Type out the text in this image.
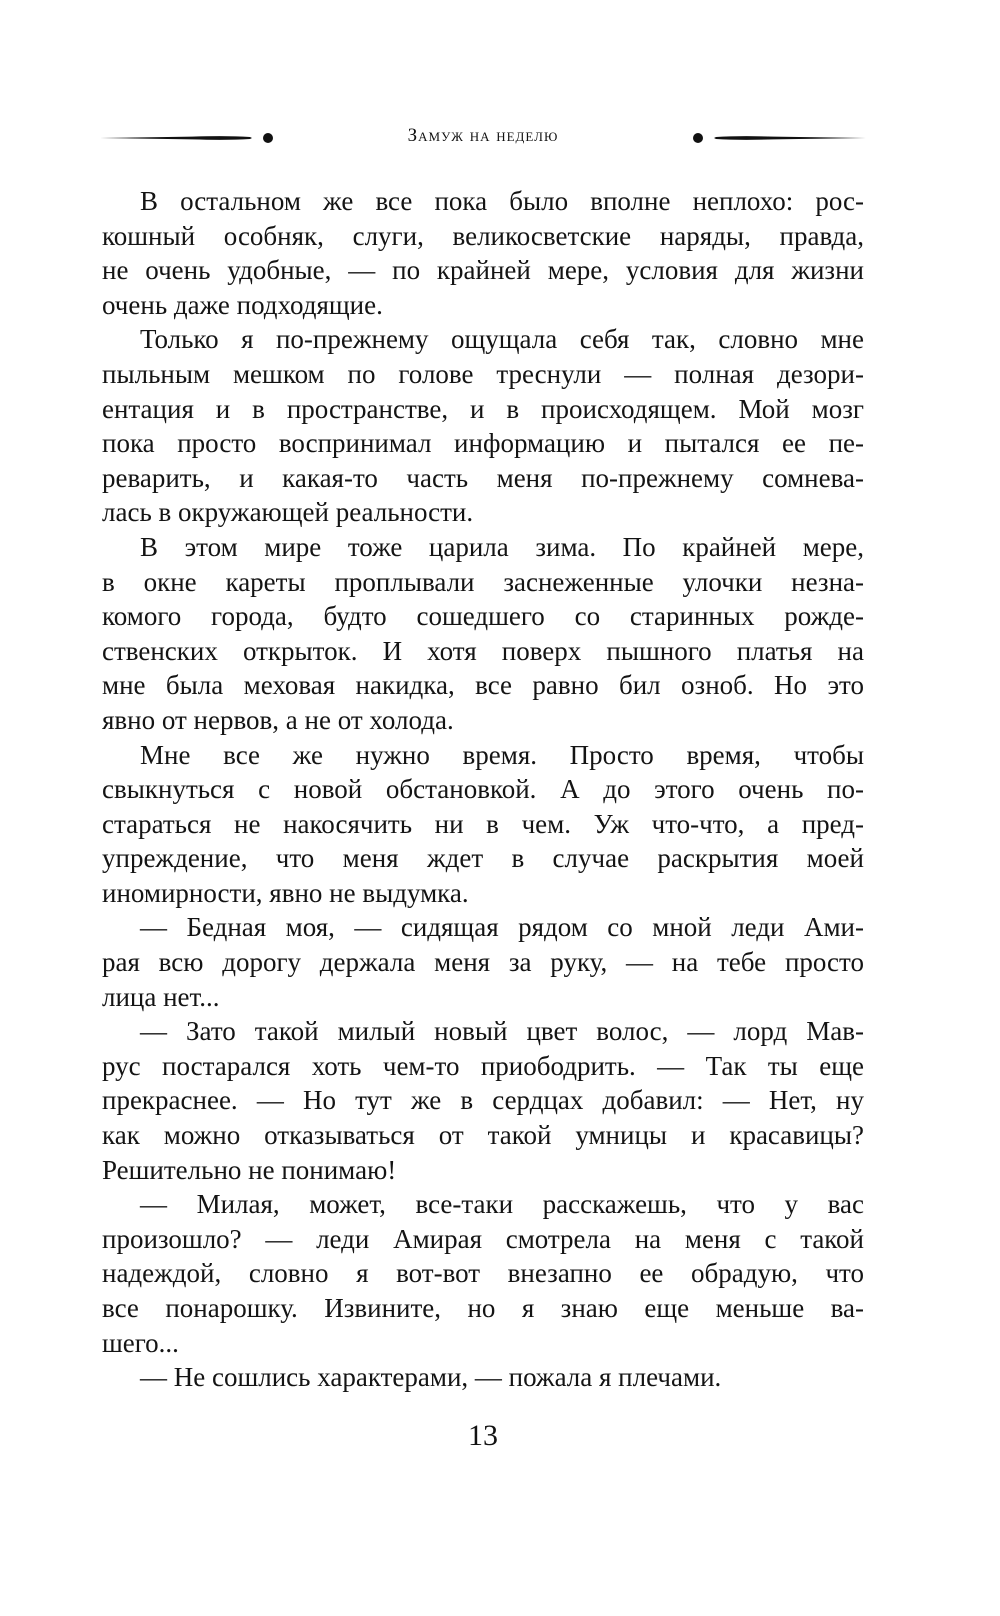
Замуж на неделю
В остальном же все пока было вполне неплохо: рос-
кошный особняк, слуги, великосветские наряды, правда,
не очень удобные, — по крайней мере, условия для жизни
очень даже подходящие.
Только я по-прежнему ощущала себя так, словно мне
пыльным мешком по голове треснули — полная дезори-
ентация и в пространстве, и в происходящем. Мой мозг
пока просто воспринимал информацию и пытался ее пе-
реварить, и какая-то часть меня по-прежнему сомнева-
лась в окружающей реальности.
В этом мире тоже царила зима. По крайней мере,
в окне кареты проплывали заснеженные улочки незна-
комого города, будто сошедшего со старинных рожде-
ственских открыток. И хотя поверх пышного платья на
мне была меховая накидка, все равно бил озноб. Но это
явно от нервов, а не от холода.
Мне все же нужно время. Просто время, чтобы
свыкнуться с новой обстановкой. А до этого очень по-
стараться не накосячить ни в чем. Уж что-что, а пред-
упреждение, что меня ждет в случае раскрытия моей
иномирности, явно не выдумка.
— Бедная моя, — сидящая рядом со мной леди Ами-
рая всю дорогу держала меня за руку, — на тебе просто
лица нет...
— Зато такой милый новый цвет волос, — лорд Мав-
рус постарался хоть чем-то приободрить. — Так ты еще
прекраснее. — Но тут же в сердцах добавил: — Нет, ну
как можно отказываться от такой умницы и красавицы?
Решительно не понимаю!
— Милая, может, все-таки расскажешь, что у вас
произошло? — леди Амирая смотрела на меня с такой
надеждой, словно я вот-вот внезапно ее обрадую, что
все понарошку. Извините, но я знаю еще меньше ва-
шего...
— Не сошлись характерами, — пожала я плечами.
13
